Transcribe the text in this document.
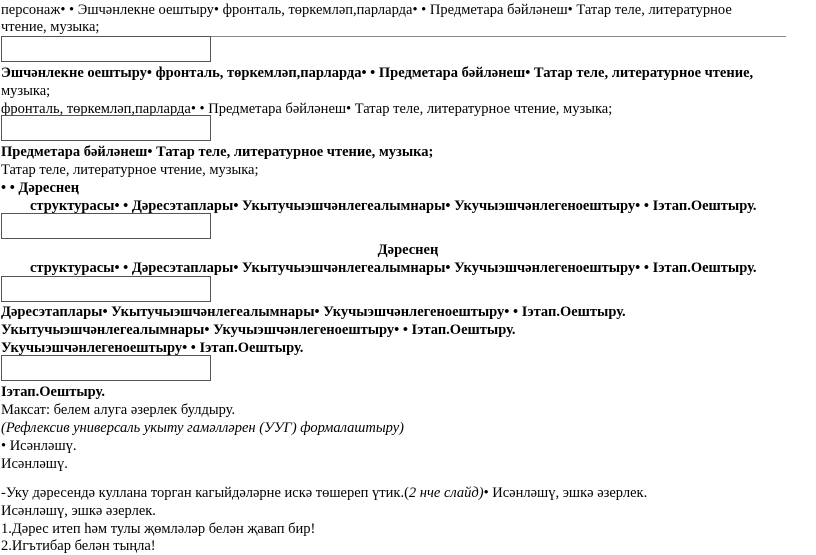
персонаж• • Эшчәнлекне оештыру• фронталь, төркемләп,парларда• • Предметара бәйләнеш• Татар теле, литературное
чтение, музыка;
Эшчәнлекне оештыру• фронталь, төркемләп,парларда• • Предметара бәйләнеш• Татар теле, литературное чтение,
музыка;
фронталь, төркемләп,парларда• • Предметара бәйләнеш• Татар теле, литературное чтение, музыка;
Предметара бәйләнеш• Татар теле, литературное чтение, музыка;
Татар теле, литературное чтение, музыка;
• • Дәреснең
структурасы• • Дәресэтаплары• Укытучыэшчәнлегеалымнары• Укучыэшчәнлегеноештыру• • Iэтап.Оештыру.
Дәреснең
структурасы• • Дәресэтаплары• Укытучыэшчәнлегеалымнары• Укучыэшчәнлегеноештыру• • Iэтап.Оештыру.
Дәресэтаплары• Укытучыэшчәнлегеалымнары• Укучыэшчәнлегеноештыру• • Iэтап.Оештыру.
Укытучыэшчәнлегеалымнары• Укучыэшчәнлегеноештыру• • Iэтап.Оештыру.
Укучыэшчәнлегеноештыру• • Iэтап.Оештыру.
Iэтап.Оештыру.
Максат: белем алуга әзерлек булдыру.
(Рефлексив универсаль укыту гамәлләрен (УУГ) формалаштыру)
• Исәнләшү.
Исәнләшү.
-Уку дәресендә куллана торган кагыйдәләрне искә төшереп үтик.(2 нче слайд)• Исәнләшү, эшкә әзерлек.
Исәнләшү, эшкә әзерлек.
1.Дәрес итеп һәм тулы җөмләләр белән җавап бир!
2.Игътибар белән тыңла!
